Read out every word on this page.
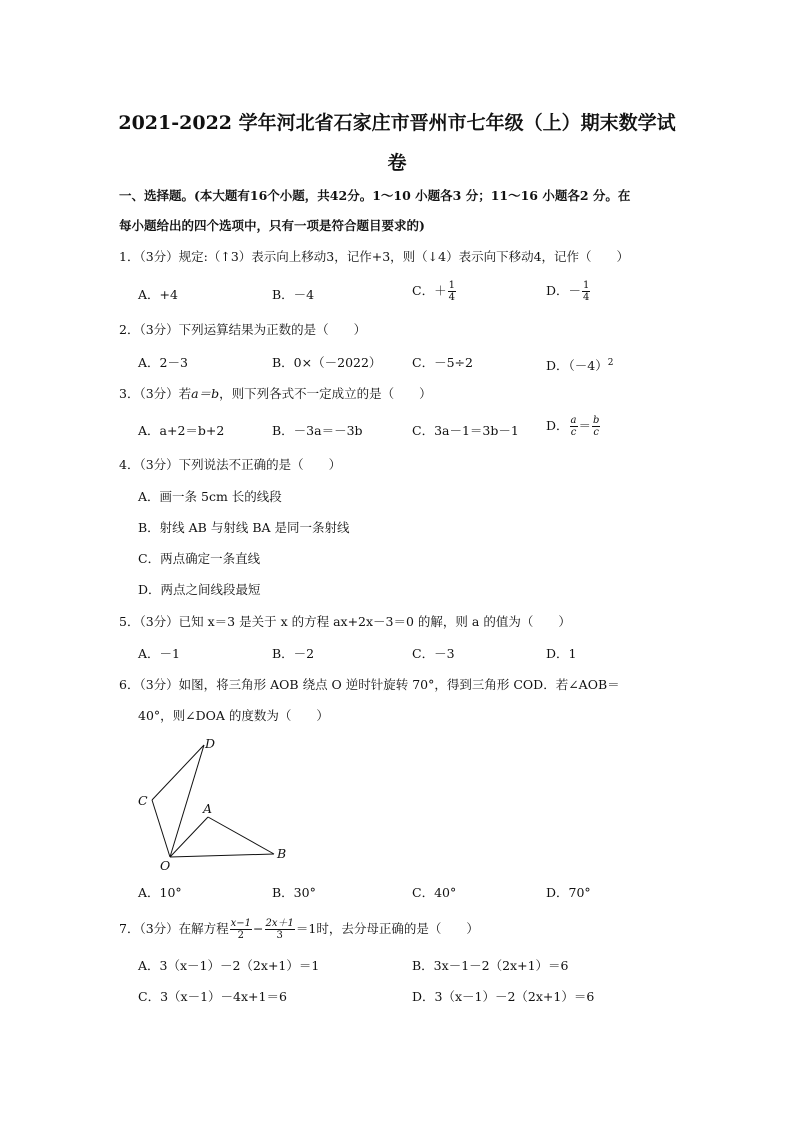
2021-2022 学年河北省石家庄市晋州市七年级（上）期末数学试
卷
一、选择题。(本大题有16个小题，共42分。1～10 小题各3 分；11～16 小题各2 分。在
每小题给出的四个选项中，只有一项是符合题目要求的)
1．（3分）规定:（↑3）表示向上移动3，记作+3，则（↓4）表示向下移动4，记作（　　）
A．+4	B．－4	C．＋ $\frac{1}{4}$	D．－ $\frac{1}{4}$
2．（3分）下列运算结果为正数的是（　　）
A．2－3	B．0×（－2022） C．－5÷2	D．$(-4)^2$
3．（3分）若a＝b，则下列各式不一定成立的是（　　）
A．a+2＝b+2	B．－3a＝－3b	C．3a－1＝3b－1 D． $\frac{a}{c} = \frac{b}{c}$
4．（3分）下列说法不正确的是（　　）
A．画一条 5cm 长的线段
B．射线 AB 与射线 BA 是同一条射线
C．两点确定一条直线
D．两点之间线段最短
5．（3分）已知 x＝3 是关于 x 的方程 ax+2x－3＝0 的解，则 a 的值为（　　）
A．－1	B．－2	C．－3	D．1
6．（3分）如图，将三角形 AOB 绕点 O 逆时针旋转 70°，得到三角形 COD．若∠AOB＝
40°，则∠DOA 的度数为（　　）
D
C
A
O
B
A．10°	B．30°	C．40°	D．70°
7．（3分）在解方程 $\frac{x-1}{2} - \frac{2x+1}{3} =1$时，去分母正确的是（　　）
A．3（x－1）－2（2x+1）＝1	B．3x－1－2（2x+1）＝6
C．3（x－1）－4x+1＝6	D．3（x－1）－2（2x+1）＝6
